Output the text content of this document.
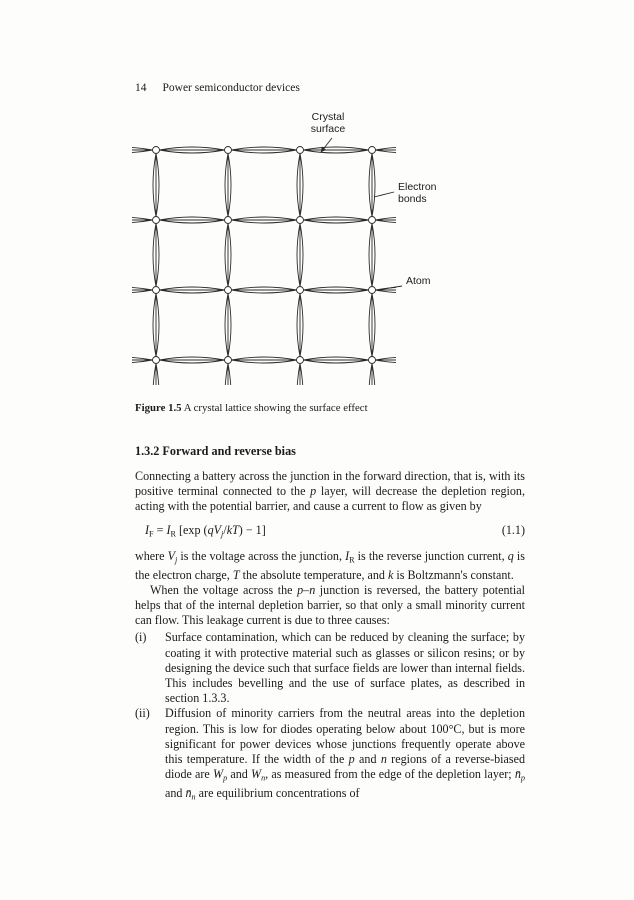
14 Power semiconductor devices
Crystal
surface
Electron
bonds
Atom
Figure 1.5 A crystal lattice showing the surface effect
1.3.2 Forward and reverse bias

Connecting a battery across the junction in the forward direction, that is, with its positive terminal connected to the p layer, will decrease the depletion region, acting with the potential barrier, and cause a current to flow as given by

$I_F = I_R$ [exp $(qV_j/kT) - 1$]	(1.1)

where $V_j$ is the voltage across the junction, $I_R$ is the reverse junction current, q is the electron charge, T the absolute temperature, and k is Boltzmann's constant.

When the voltage across the p–n junction is reversed, the battery potential helps that of the internal depletion barrier, so that only a small minority current can flow. This leakage current is due to three causes:

(i) Surface contamination, which can be reduced by cleaning the surface; by coating it with protective material such as glasses or silicon resins; or by designing the device such that surface fields are lower than internal fields. This includes bevelling and the use of surface plates, as described in section 1.3.3.
(ii) Diffusion of minority carriers from the neutral areas into the depletion region. This is low for diodes operating below about 100°C, but is more significant for power devices whose junctions frequently operate above this temperature. If the width of the p and n regions of a reverse-biased diode are $W_p$ and $W_n$, as measured from the edge of the depletion layer; $n̄_p$ and $n̄_n$ are equilibrium concentrations of
